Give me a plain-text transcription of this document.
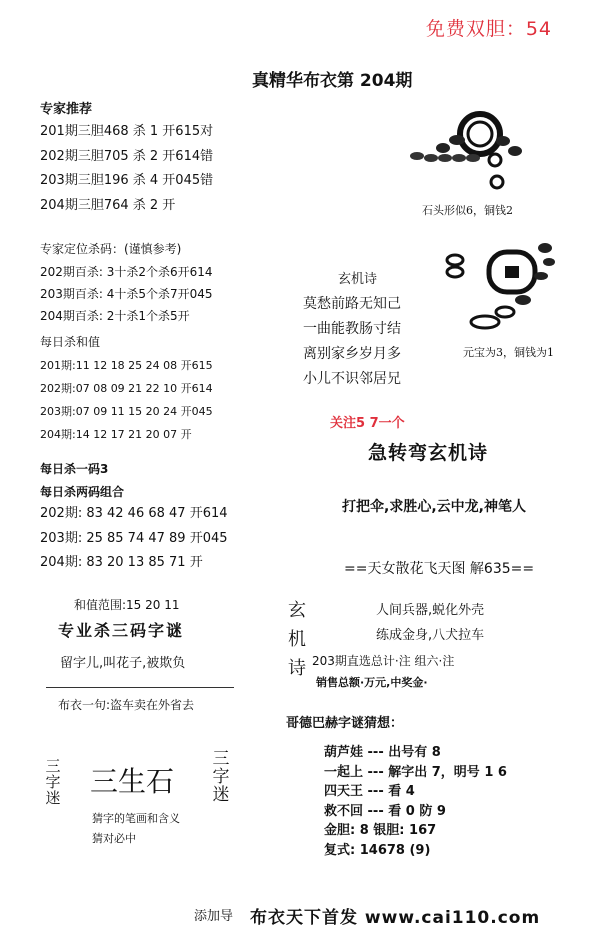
免费双胆：54
真精华布衣第 204期
专家推荐
201期三胆468 杀 1 开615对
202期三胆705 杀 2 开614错
203期三胆196 杀 4 开045错
204期三胆764 杀 2 开
专家定位杀码：(谨慎参考)
202期百杀: 3十杀2个杀6开614
203期百杀: 4十杀5个杀7开045
204期百杀: 2十杀1个杀5开
每日杀和值
201期:11 12 18 25 24 08 开615
202期:07 08 09 21 22 10 开614
203期:07 09 11 15 20 24 开045
204期:14 12 17 21 20 07 开
每日杀一码3
每日杀两码组合
202期: 83 42 46 68 47 开614
203期: 25 85 74 47 89 开045
204期: 83 20 13 85 71 开
和值范围:15 20 11
专业杀三码字谜
留字儿,叫花子,被欺负
布衣一句:盗车卖在外省去
三字迷 三生石
三字迷
猜字的笔画和含义
猜对必中
石头形似6，铜钱2
元宝为3，铜钱为1
玄机诗
莫愁前路无知己
一曲能教肠寸结
离别家乡岁月多
小儿不识邻居兄
关注5 7一个
急转弯玄机诗
打把伞,求胜心,云中龙,神笔人
==天女散花飞天图 解635==
玄机诗
人间兵器,蜕化外壳
练成金身,八犬拉车
203期直选总计·注 组六·注
销售总额·万元,中奖金·
哥德巴赫字谜猜想：
葫芦娃 --- 出号有 8
一起上 --- 解字出 7，明号 1 6
四天王 --- 看 4
救不回 --- 看 0 防 9
金胆: 8 银胆: 167
复式: 14678 (9)
添加导 布衣天下首发 www.cai110.com
